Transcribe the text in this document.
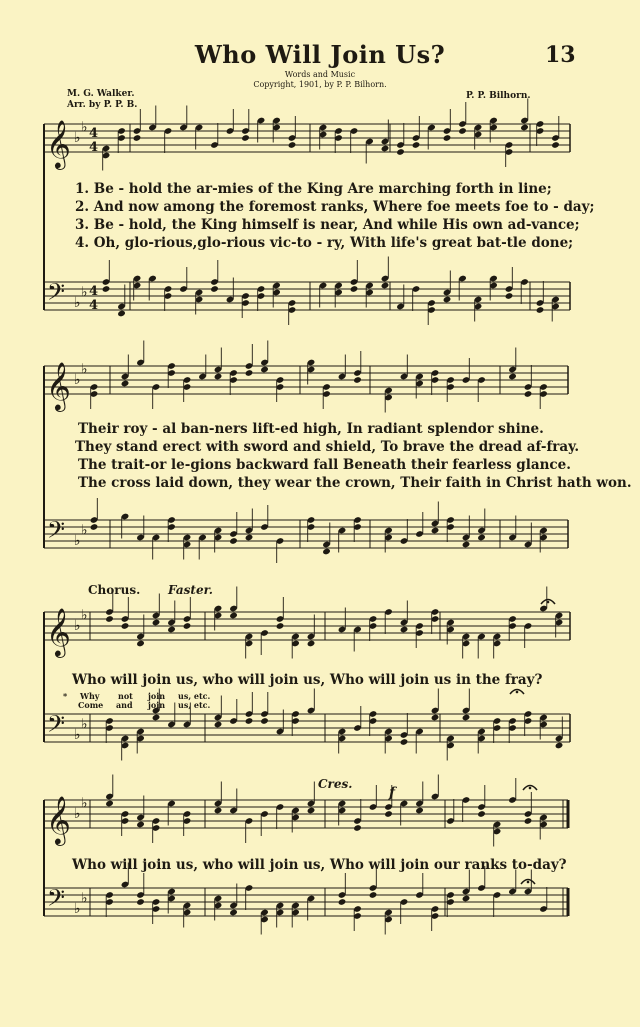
Who Will Join Us?	13
Words and Music
Copyright, 1901, by P. P. Bilhorn.
M. G. Walker.
Arr. by P. P. B.
P. P. Bilhorn.
𝄞 ♭
♭ 4
4
𝄢 ♭
♭ 4
4
𝄞 ♭
♭
𝄢 ♭
♭
𝄞 ♭
♭
𝄢 ♭
♭
𝄞 ♭
♭
𝄢 ♭
♭
1. Be - hold the ar-mies of the King Are marching forth in line;
2. And now among the foremost ranks, Where foe meets foe to - day;
3. Be - hold, the King himself is near, And while His own ad-vance;
4. Oh, glo-rious,glo-rious vic-to - ry, With life's great bat-tle done;
Their roy - al ban-ners lift-ed high, In radiant splendor shine.
They stand erect with sword and shield, To brave the dread af-fray.
The trait-or le-gions backward fall Beneath their fearless glance.
The cross laid down, they wear the crown, Their faith in Christ hath won.
Chorus. Faster.
Who will join us, who will join us, Who will join us in the fray?
* Why not join us, etc.
Come and join us, etc.
Cres.
f
Who will join us, who will join us, Who will join our ranks to-day?
